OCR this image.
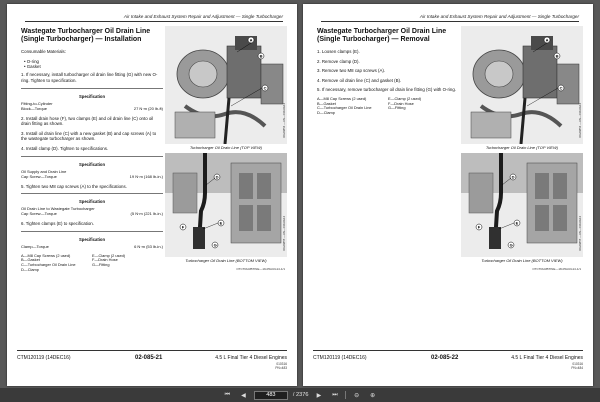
Air Intake and Exhaust System Repair and Adjustment — Single Turbocharger
Wastegate Turbocharger Oil Drain Line (Single Turbocharger) — Installation
Consumable Materials:
• O-ring
• Gasket
1. If necessary, install turbocharger oil drain line fitting (G) with new O-ring. Tighten to specification.
Specification
Fitting-to-Cylinder
Block—Torque	27 N·m (20 lb-ft)
2. Install drain hose (F), two clamps (E) and oil drain line (C) onto oil drain fitting as shown.
3. Install oil drain line (C) with a new gasket (B) and cap screws (A) to the wastegate turbocharger as shown.
4. Install clamp (D). Tighten to specifications.
Specification
Oil Supply and Drain Line
Cap Screw—Torque	19 N·m (168 lb-in.)
5. Tighten two M8 cap screws (A) to the specifications.
Specification
Oil Drain Line to Wastegate Turbocharger
Cap Screw—Torque	(5 N·m (221 lb-in.)
6. Tighten clamps (E) to specification.
Specification
Clamp—Torque	6 N·m (53 lb-in.)
A—M8 Cap Screws (2 used)	E—Clamp (2 used)
B—Gasket	F—Drain Hose
C—Turbocharger Oil Drain Line	G—Fitting
D—Clamp
A
B
C
RG29854 —UN—04AUG14
Turbocharger Oil Drain Line (TOP VIEW)
D
E
F
G	RG29855 —UN—04AUG14
Turbocharger Oil Drain Line (BOTTOM VIEW)
OTCTRLRBTINE—19-05AUG14-1/1
CTM120119 (14DEC16)	02-085-21	4.5 L Final Tier 4 Diesel Engines
010316
PN=483
Air Intake and Exhaust System Repair and Adjustment — Single Turbocharger
Wastegate Turbocharger Oil Drain Line (Single Turbocharger) — Removal
1. Loosen clamps (E).
2. Remove clamp (D).
3. Remove two M8 cap screws (A).
4. Remove oil drain line (C) and gasket (B).
5. If necessary, remove turbocharger oil drain line fitting (G) with O-ring.
A—M8 Cap Screws (2 used)	E—Clamp (2 used)
B—Gasket	F—Drain Hose
C—Turbocharger Oil Drain Line	G—Fitting
D—Clamp
A
B
C
RG29854 —UN—04AUG14
Turbocharger Oil Drain Line (TOP VIEW)
D
E
F
G	RG29855 —UN—04AUG14
Turbocharger Oil Drain Line (BOTTOM VIEW)
OTCTRLRBTINE—18-05AUG14-1/1
CTM120119 (14DEC16)	02-085-22	4.5 L Final Tier 4 Diesel Engines
010316
PN=484
⏮	◀
483	/ 2376	▶	⏭	⊖	⊕
